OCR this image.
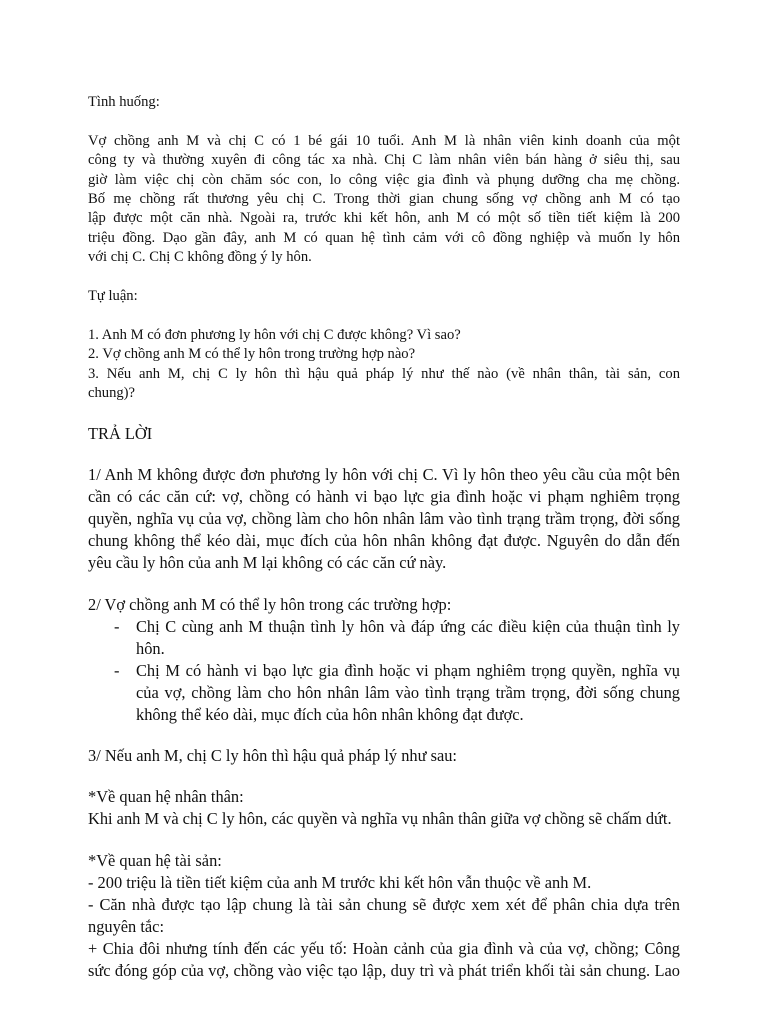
Tình huống:
Vợ chồng anh M và chị C có 1 bé gái 10 tuổi. Anh M là nhân viên kinh doanh của một
công ty và thường xuyên đi công tác xa nhà. Chị C làm nhân viên bán hàng ở siêu thị, sau
giờ làm việc chị còn chăm sóc con, lo công việc gia đình và phụng dưỡng cha mẹ chồng.
Bố mẹ chồng rất thương yêu chị C. Trong thời gian chung sống vợ chồng anh M có tạo
lập được một căn nhà. Ngoài ra, trước khi kết hôn, anh M có một số tiền tiết kiệm là 200
triệu đồng. Dạo gần đây, anh M có quan hệ tình cảm với cô đồng nghiệp và muốn ly hôn
với chị C. Chị C không đồng ý ly hôn.
Tự luận:
1. Anh M có đơn phương ly hôn với chị C được không? Vì sao?
2. Vợ chồng anh M có thể ly hôn trong trường hợp nào?
3. Nếu anh M, chị C ly hôn thì hậu quả pháp lý như thế nào (về nhân thân, tài sản, con
chung)?
TRẢ LỜI
1/ Anh M không được đơn phương ly hôn với chị C. Vì ly hôn theo yêu cầu của một bên
cần có các căn cứ: vợ, chồng có hành vi bạo lực gia đình hoặc vi phạm nghiêm trọng
quyền, nghĩa vụ của vợ, chồng làm cho hôn nhân lâm vào tình trạng trầm trọng, đời sống
chung không thể kéo dài, mục đích của hôn nhân không đạt được. Nguyên do dẫn đến
yêu cầu ly hôn của anh M lại không có các căn cứ này.
2/ Vợ chồng anh M có thể ly hôn trong các trường hợp:
- Chị C cùng anh M thuận tình ly hôn và đáp ứng các điều kiện của thuận tình ly
hôn.
- Chị M có hành vi bạo lực gia đình hoặc vi phạm nghiêm trọng quyền, nghĩa vụ
của vợ, chồng làm cho hôn nhân lâm vào tình trạng trầm trọng, đời sống chung
không thể kéo dài, mục đích của hôn nhân không đạt được.
3/ Nếu anh M, chị C ly hôn thì hậu quả pháp lý như sau:
*Về quan hệ nhân thân:
Khi anh M và chị C ly hôn, các quyền và nghĩa vụ nhân thân giữa vợ chồng sẽ chấm dứt.
*Về quan hệ tài sản:
- 200 triệu là tiền tiết kiệm của anh M trước khi kết hôn vẫn thuộc về anh M.
- Căn nhà được tạo lập chung là tài sản chung sẽ được xem xét để phân chia dựa trên
nguyên tắc:
+ Chia đôi nhưng tính đến các yếu tố: Hoàn cảnh của gia đình và của vợ, chồng; Công
sức đóng góp của vợ, chồng vào việc tạo lập, duy trì và phát triển khối tài sản chung. Lao
